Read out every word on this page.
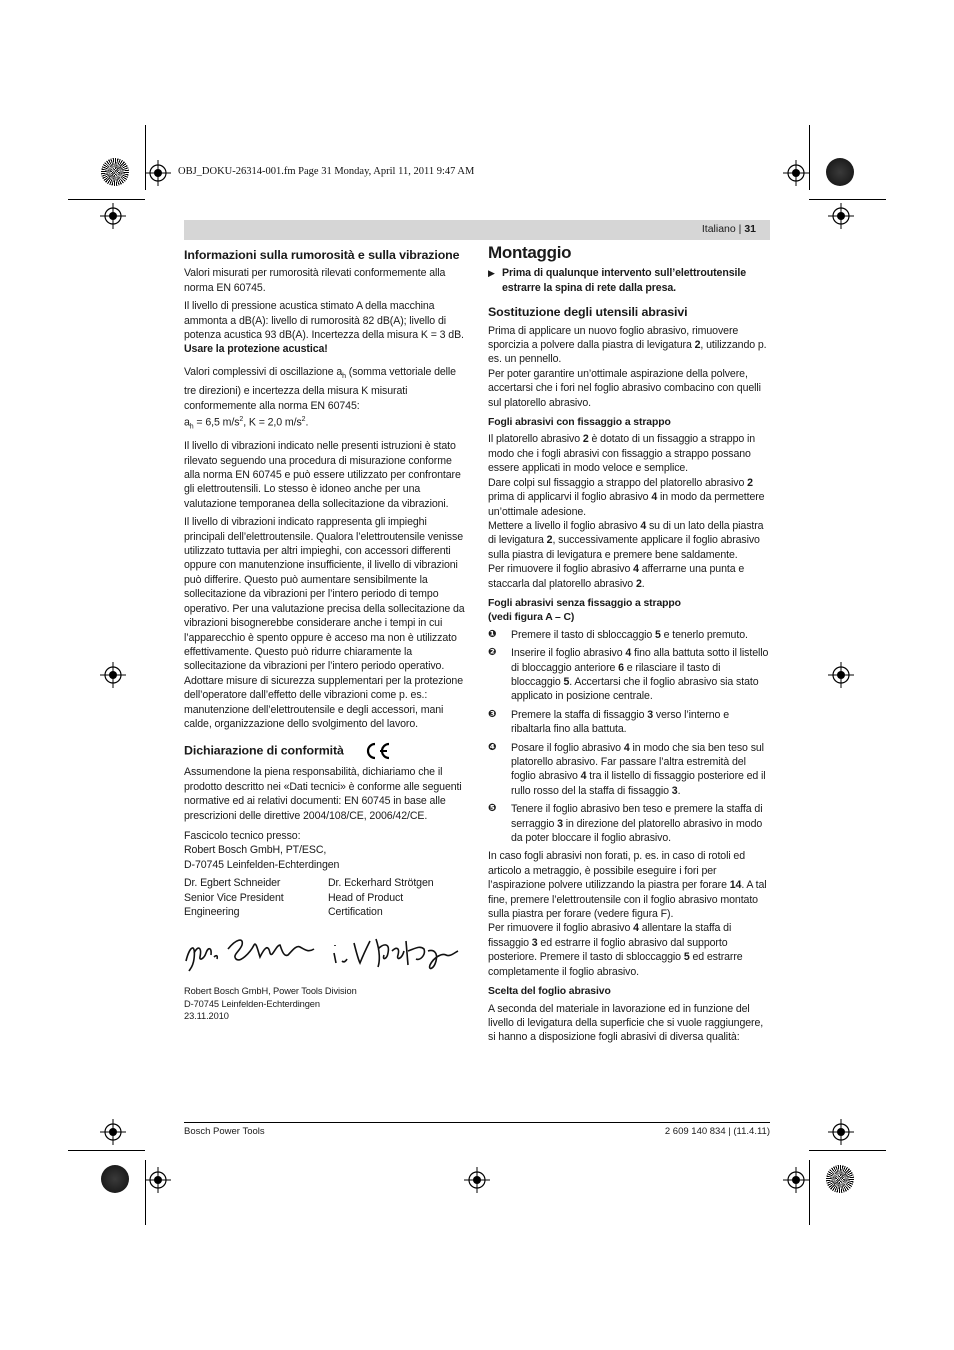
OBJ_DOKU-26314-001.fm Page 31 Monday, April 11, 2011 9:47 AM
Italiano | 31
Informazioni sulla rumorosità e sulla vibrazione

Valori misurati per rumorosità rilevati conformemente alla norma EN 60745.

Il livello di pressione acustica stimato A della macchina ammonta a dB(A): livello di rumorosità 82 dB(A); livello di potenza acustica 93 dB(A). Incertezza della misura K = 3 dB.

Usare la protezione acustica!

Valori complessivi di oscillazione $a_h$ (somma vettoriale delle tre direzioni) e incertezza della misura K misurati conformemente alla norma EN 60745:

$a_h = 6,5$ $m/s^2$, K = 2,0 $m/s^2$.

Il livello di vibrazioni indicato nelle presenti istruzioni è stato rilevato seguendo una procedura di misurazione conforme alla norma EN 60745 e può essere utilizzato per confrontare gli elettroutensili. Lo stesso è idoneo anche per una valutazione temporanea della sollecitazione da vibrazioni.

Il livello di vibrazioni indicato rappresenta gli impieghi principali dell’elettroutensile. Qualora l’elettroutensile venisse utilizzato tuttavia per altri impieghi, con accessori differenti oppure con manutenzione insufficiente, il livello di vibrazioni può differire. Questo può aumentare sensibilmente la sollecitazione da vibrazioni per l’intero periodo di tempo operativo. Per una valutazione precisa della sollecitazione da vibrazioni bisognerebbe considerare anche i tempi in cui l’apparecchio è spento oppure è acceso ma non è utilizzato effettivamente. Questo può ridurre chiaramente la sollecitazione da vibrazioni per l’intero periodo operativo.

Adottare misure di sicurezza supplementari per la protezione dell’operatore dall’effetto delle vibrazioni come p. es.: manutenzione dell’elettroutensile e degli accessori, mani calde, organizzazione dello svolgimento del lavoro.

Dichiarazione di conformità

Assumendone la piena responsabilità, dichiariamo che il prodotto descritto nei «Dati tecnici» è conforme alle seguenti normative ed ai relativi documenti: EN 60745 in base alle prescrizioni delle direttive 2004/108/CE, 2006/42/CE.

Fascicolo tecnico presso:
Robert Bosch GmbH, PT/ESC,
D-70745 Leinfelden-Echterdingen

Dr. Egbert Schneider
Senior Vice President
Engineering
Dr. Eckerhard Strötgen
Head of Product
Certification
Robert Bosch GmbH, Power Tools Division
D-70745 Leinfelden-Echterdingen
23.11.2010
Montaggio
▶ Prima di qualunque intervento sull’elettroutensile estrarre la spina di rete dalla presa.
Sostituzione degli utensili abrasivi

Prima di applicare un nuovo foglio abrasivo, rimuovere sporcizia a polvere dalla piastra di levigatura 2, utilizzando p. es. un pennello.

Per poter garantire un’ottimale aspirazione della polvere, accertarsi che i fori nel foglio abrasivo combacino con quelli sul platorello abrasivo.

Fogli abrasivi con fissaggio a strappo

Il platorello abrasivo 2 è dotato di un fissaggio a strappo in modo che i fogli abrasivi con fissaggio a strappo possano essere applicati in modo veloce e semplice.

Dare colpi sul fissaggio a strappo del platorello abrasivo 2 prima di applicarvi il foglio abrasivo 4 in modo da permettere un’ottimale adesione.

Mettere a livello il foglio abrasivo 4 su di un lato della piastra di levigatura 2, successivamente applicare il foglio abrasivo sulla piastra di levigatura e premere bene saldamente.

Per rimuovere il foglio abrasivo 4 afferrarne una punta e staccarla dal platorello abrasivo 2.

Fogli abrasivi senza fissaggio a strappo
(vedi figura A – C)
❶ Premere il tasto di sbloccaggio 5 e tenerlo premuto.
❷ Inserire il foglio abrasivo 4 fino alla battuta sotto il listello di bloccaggio anteriore 6 e rilasciare il tasto di bloccaggio 5. Accertarsi che il foglio abrasivo sia stato applicato in posizione centrale.
❸ Premere la staffa di fissaggio 3 verso l’interno e ribaltarla fino alla battuta.
❹ Posare il foglio abrasivo 4 in modo che sia ben teso sul platorello abrasivo. Far passare l’altra estremità del foglio abrasivo 4 tra il listello di fissaggio posteriore ed il rullo rosso del la staffa di fissaggio 3.
❺ Tenere il foglio abrasivo ben teso e premere la staffa di serraggio 3 in direzione del platorello abrasivo in modo da poter bloccare il foglio abrasivo.

In caso fogli abrasivi non forati, p. es. in caso di rotoli ed articolo a metraggio, è possibile eseguire i fori per l’aspirazione polvere utilizzando la piastra per forare 14. A tal fine, premere l’elettroutensile con il foglio abrasivo montato sulla piastra per forare (vedere figura F).

Per rimuovere il foglio abrasivo 4 allentare la staffa di fissaggio 3 ed estrarre il foglio abrasivo dal supporto posteriore. Premere il tasto di sbloccaggio 5 ed estrarre completamente il foglio abrasivo.

Scelta del foglio abrasivo

A seconda del materiale in lavorazione ed in funzione del livello di levigatura della superficie che si vuole raggiungere, si hanno a disposizione fogli abrasivi di diversa qualità:

Bosch Power Tools	2 609 140 834 | (11.4.11)
